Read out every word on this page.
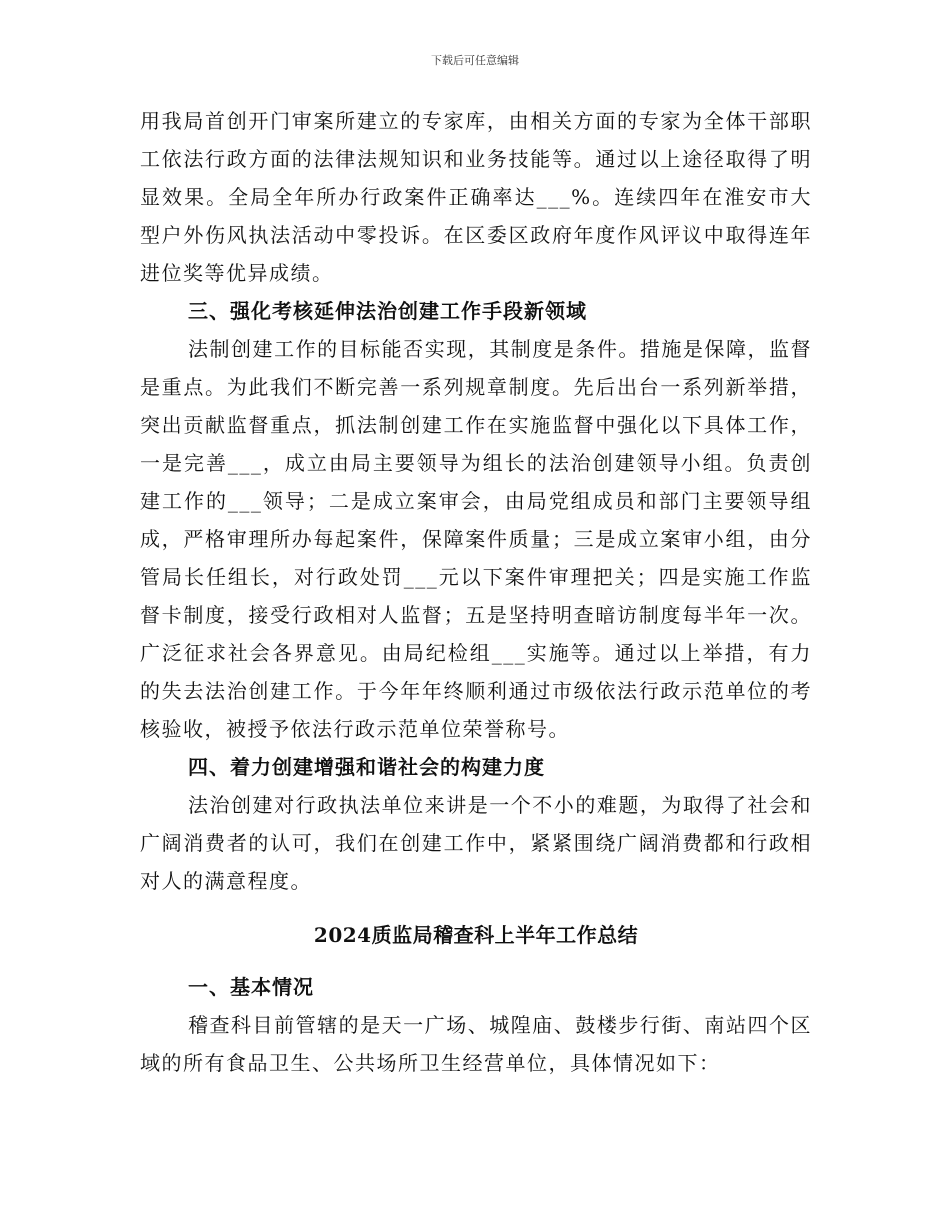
下载后可任意编辑

用我局首创开门审案所建立的专家库，由相关方面的专家为全体干部职工依法行政方面的法律法规知识和业务技能等。通过以上途径取得了明显效果。全局全年所办行政案件正确率达___%。连续四年在淮安市大型户外伤风执法活动中零投诉。在区委区政府年度作风评议中取得连年进位奖等优异成绩。

三、强化考核延伸法治创建工作手段新领域

法制创建工作的目标能否实现，其制度是条件。措施是保障，监督是重点。为此我们不断完善一系列规章制度。先后出台一系列新举措，突出贡献监督重点，抓法制创建工作在实施监督中强化以下具体工作，一是完善___，成立由局主要领导为组长的法治创建领导小组。负责创建工作的___领导；二是成立案审会，由局党组成员和部门主要领导组成，严格审理所办每起案件，保障案件质量；三是成立案审小组，由分管局长任组长，对行政处罚___元以下案件审理把关；四是实施工作监督卡制度，接受行政相对人监督；五是坚持明查暗访制度每半年一次。广泛征求社会各界意见。由局纪检组___实施等。通过以上举措，有力的失去法治创建工作。于今年年终顺利通过市级依法行政示范单位的考核验收，被授予依法行政示范单位荣誉称号。

四、着力创建增强和谐社会的构建力度

法治创建对行政执法单位来讲是一个不小的难题，为取得了社会和广阔消费者的认可，我们在创建工作中，紧紧围绕广阔消费都和行政相对人的满意程度。

2024质监局稽查科上半年工作总结

一、基本情况

稽查科目前管辖的是天一广场、城隍庙、鼓楼步行街、南站四个区域的所有食品卫生、公共场所卫生经营单位，具体情况如下：
